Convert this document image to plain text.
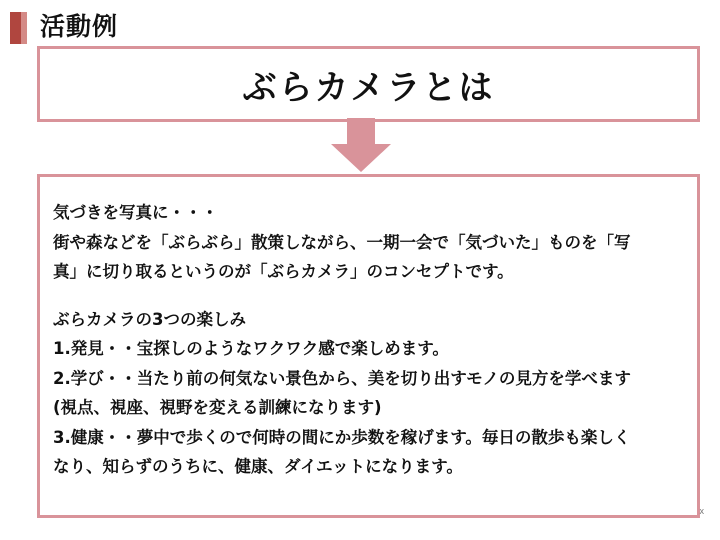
活動例
ぶらカメラとは

気づきを写真に・・・

街や森などを「ぶらぶら」散策しながら、一期一会で「気づいた」ものを「写

真」に切り取るというのが「ぶらカメラ」のコンセプトです。

ぶらカメラの3つの楽しみ

1.発見・・宝探しのようなワクワク感で楽しめます。

2.学び・・当たり前の何気ない景色から、美を切り出すモノの見方を学べます

(視点、視座、視野を変える訓練になります)

3.健康・・夢中で歩くので何時の間にか歩数を稼げます。毎日の散歩も楽しく

なり、知らずのうちに、健康、ダイエットになります。

x
